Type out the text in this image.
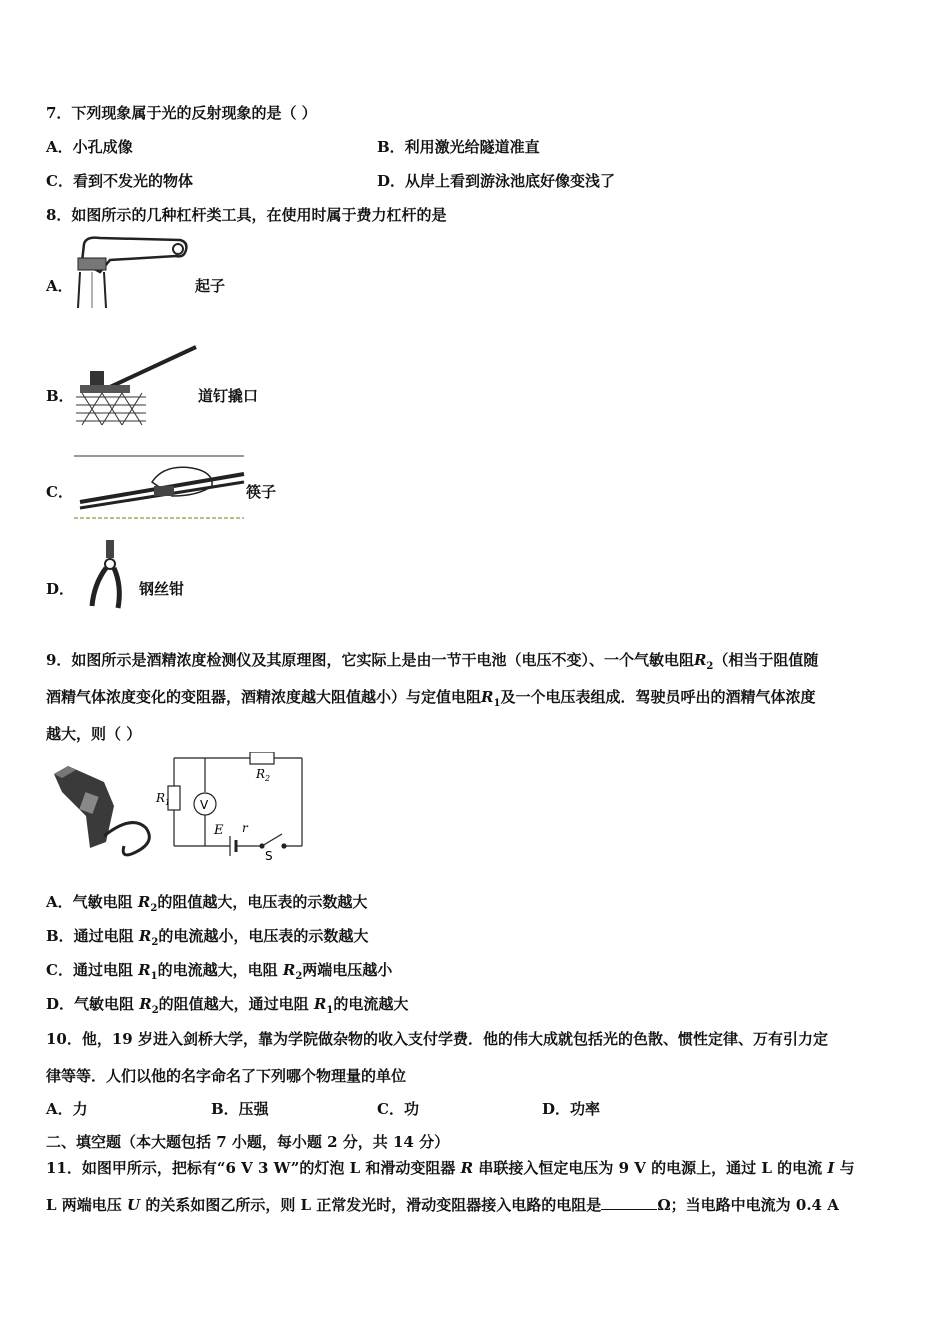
7．下列现象属于光的反射现象的是（ ）
A．小孔成像	B．利用激光给隧道准直
C．看到不发光的物体	D．从岸上看到游泳池底好像变浅了
8．如图所示的几种杠杆类工具，在使用时属于费力杠杆的是
A．	起子
B．	道钉撬口
C．	筷子
D．	钢丝钳
9．如图所示是酒精浓度检测仪及其原理图，它实际上是由一节干电池（电压不变）、一个气敏电阻$R_2$（相当于阻值随
酒精气体浓度变化的变阻器，酒精浓度越大阻值越小）与定值电阻$R_1$及一个电压表组成．驾驶员呼出的酒精气体浓度
越大，则（ ）
$R_1$
$R_2$
V
E r
S
A．气敏电阻 $R_2$的阻值越大，电压表的示数越大
B．通过电阻 $R_2$的电流越小，电压表的示数越大
C．通过电阻 $R_1$的电流越大，电阻 $R_2$两端电压越小
D．气敏电阻 $R_2$的阻值越大，通过电阻 $R_1$的电流越大
10．他，19 岁进入剑桥大学，靠为学院做杂物的收入支付学费．他的伟大成就包括光的色散、惯性定律、万有引力定
律等等．人们以他的名字命名了下列哪个物理量的单位
A．力	B．压强	C．功	D．功率
二、填空题（本大题包括 7 小题，每小题 2 分，共 14 分）
11．如图甲所示，把标有“6 V 3 W”的灯泡 L 和滑动变阻器 R 串联接入恒定电压为 9 V 的电源上，通过 L 的电流 I 与
L 两端电压 U 的关系如图乙所示，则 L 正常发光时，滑动变阻器接入电路的电阻是	Ω；当电路中电流为 0.4 A
